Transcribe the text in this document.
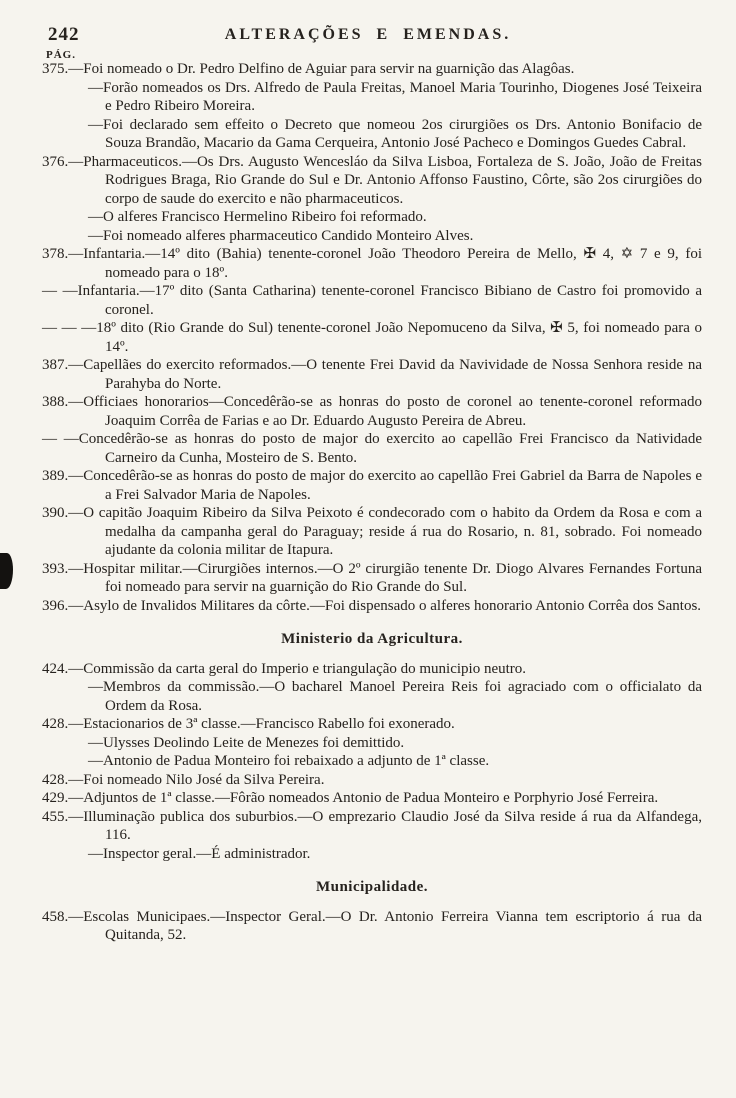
242
PÁG.
ALTERAÇÕES E EMENDAS.
375.—Foi nomeado o Dr. Pedro Delfino de Aguiar para servir na guarnição das Alagôas.
—Forão nomeados os Drs. Alfredo de Paula Freitas, Manoel Maria Tourinho, Diogenes José Teixeira e Pedro Ribeiro Moreira.
—Foi declarado sem effeito o Decreto que nomeou 2os cirurgiões os Drs. Antonio Bonifacio de Souza Brandão, Macario da Gama Cerqueira, Antonio José Pacheco e Domingos Guedes Cabral.
376.—Pharmaceuticos.—Os Drs. Augusto Wencesláo da Silva Lisboa, Fortaleza de S. João, João de Freitas Rodrigues Braga, Rio Grande do Sul e Dr. Antonio Affonso Faustino, Côrte, são 2os cirurgiões do corpo de saude do exercito e não pharmaceuticos.
—O alferes Francisco Hermelino Ribeiro foi reformado.
—Foi nomeado alferes pharmaceutico Candido Monteiro Alves.
378.—Infantaria.—14º dito (Bahia) tenente-coronel João Theodoro Pereira de Mello, ✠ 4, ✡ 7 e 9, foi nomeado para o 18º.
— —Infantaria.—17º dito (Santa Catharina) tenente-coronel Francisco Bibiano de Castro foi promovido a coronel.
— — —18º dito (Rio Grande do Sul) tenente-coronel João Nepomuceno da Silva, ✠ 5, foi nomeado para o 14º.
387.—Capellães do exercito reformados.—O tenente Frei David da Navividade de Nossa Senhora reside na Parahyba do Norte.
388.—Officiaes honorarios—Concedêrão-se as honras do posto de coronel ao tenente-coronel reformado Joaquim Corrêa de Farias e ao Dr. Eduardo Augusto Pereira de Abreu.
— —Concedêrão-se as honras do posto de major do exercito ao capellão Frei Francisco da Natividade Carneiro da Cunha, Mosteiro de S. Bento.
389.—Concedêrão-se as honras do posto de major do exercito ao capellão Frei Gabriel da Barra de Napoles e a Frei Salvador Maria de Napoles.
390.—O capitão Joaquim Ribeiro da Silva Peixoto é condecorado com o habito da Ordem da Rosa e com a medalha da campanha geral do Paraguay; reside á rua do Rosario, n. 81, sobrado. Foi nomeado ajudante da colonia militar de Itapura.
393.—Hospitar militar.—Cirurgiões internos.—O 2º cirurgião tenente Dr. Diogo Alvares Fernandes Fortuna foi nomeado para servir na guarnição do Rio Grande do Sul.
396.—Asylo de Invalidos Militares da côrte.—Foi dispensado o alferes honorario Antonio Corrêa dos Santos.
Ministerio da Agricultura.
424.—Commissão da carta geral do Imperio e triangulação do municipio neutro.
—Membros da commissão.—O bacharel Manoel Pereira Reis foi agraciado com o officialato da Ordem da Rosa.
428.—Estacionarios de 3ª classe.—Francisco Rabello foi exonerado.
—Ulysses Deolindo Leite de Menezes foi demittido.
—Antonio de Padua Monteiro foi rebaixado a adjunto de 1ª classe.
428.—Foi nomeado Nilo José da Silva Pereira.
429.—Adjuntos de 1ª classe.—Fôrão nomeados Antonio de Padua Monteiro e Porphyrio José Ferreira.
455.—Illuminação publica dos suburbios.—O emprezario Claudio José da Silva reside á rua da Alfandega, 116.
—Inspector geral.—É administrador.
Municipalidade.
458.—Escolas Municipaes.—Inspector Geral.—O Dr. Antonio Ferreira Vianna tem escriptorio á rua da Quitanda, 52.
